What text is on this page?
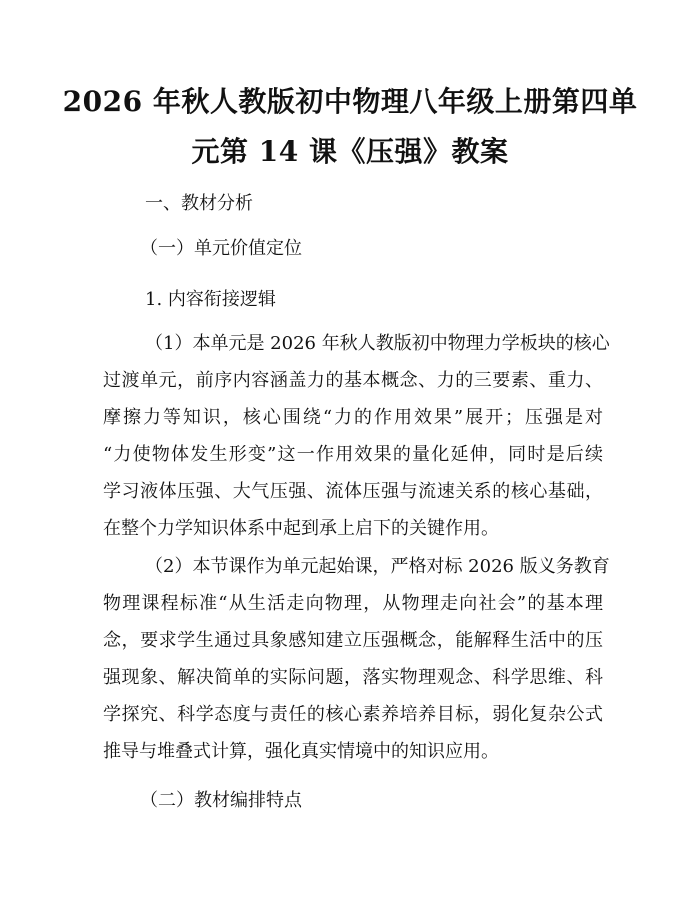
2026 年秋人教版初中物理八年级上册第四单
元第 14 课《压强》教案
一、教材分析
（一）单元价值定位
1. 内容衔接逻辑
（1）本单元是 2026 年秋人教版初中物理力学板块的核心
过渡单元，前序内容涵盖力的基本概念、力的三要素、重力、
摩擦力等知识，核心围绕“力的作用效果”展开；压强是对
“力使物体发生形变”这一作用效果的量化延伸，同时是后续
学习液体压强、大气压强、流体压强与流速关系的核心基础，
在整个力学知识体系中起到承上启下的关键作用。
（2）本节课作为单元起始课，严格对标 2026 版义务教育
物理课程标准“从生活走向物理，从物理走向社会”的基本理
念，要求学生通过具象感知建立压强概念，能解释生活中的压
强现象、解决简单的实际问题，落实物理观念、科学思维、科
学探究、科学态度与责任的核心素养培养目标，弱化复杂公式
推导与堆叠式计算，强化真实情境中的知识应用。
（二）教材编排特点
